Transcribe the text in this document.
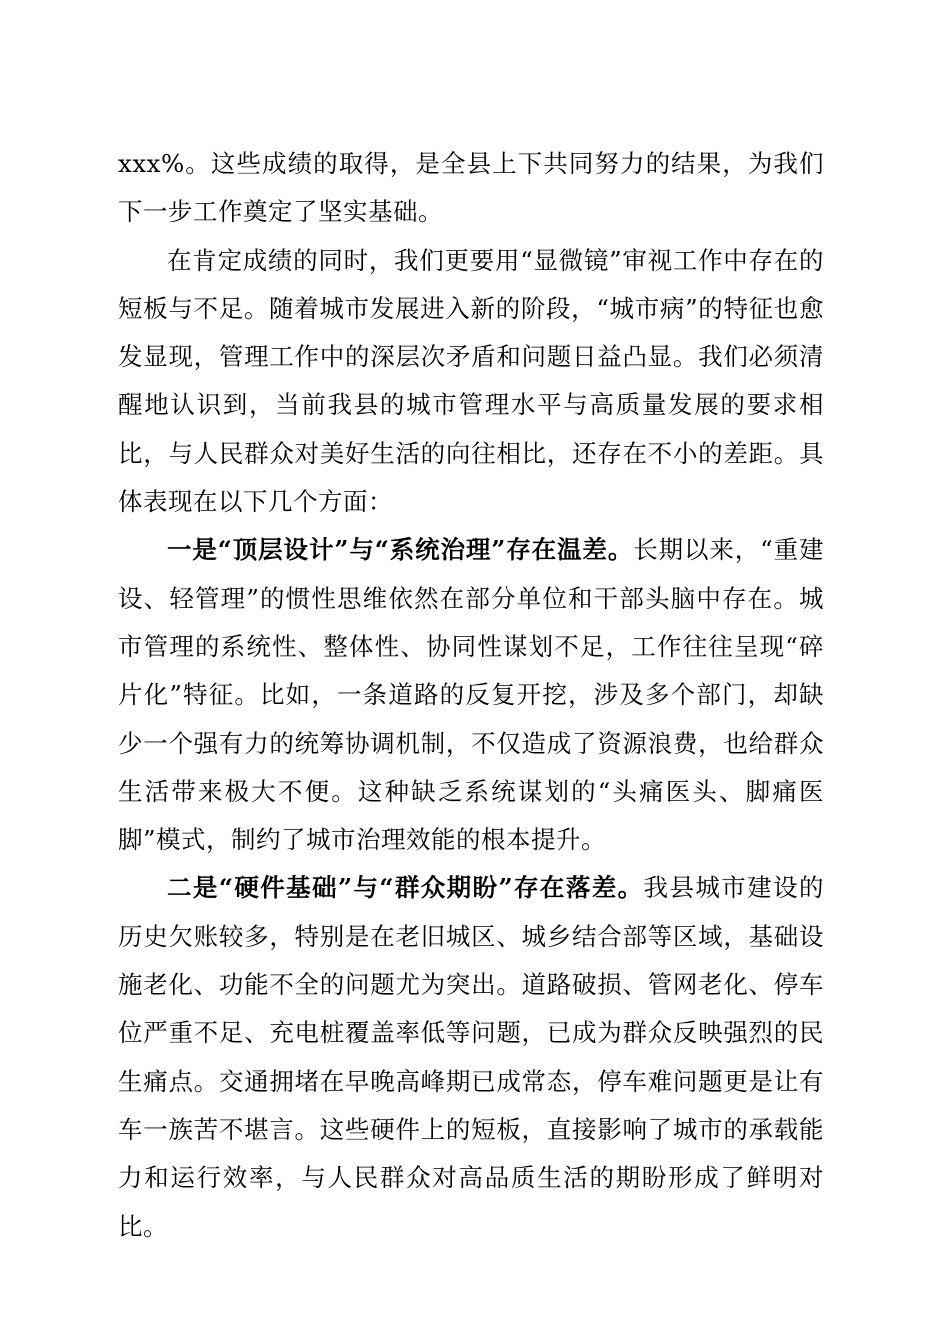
xxx%。这些成绩的取得，是全县上下共同努力的结果，为我们下一步工作奠定了坚实基础。

在肯定成绩的同时，我们更要用“显微镜”审视工作中存在的短板与不足。随着城市发展进入新的阶段，“城市病”的特征也愈发显现，管理工作中的深层次矛盾和问题日益凸显。我们必须清醒地认识到，当前我县的城市管理水平与高质量发展的要求相比，与人民群众对美好生活的向往相比，还存在不小的差距。具体表现在以下几个方面：

一是“顶层设计”与“系统治理”存在温差。长期以来，“重建设、轻管理”的惯性思维依然在部分单位和干部头脑中存在。城市管理的系统性、整体性、协同性谋划不足，工作往往呈现“碎片化”特征。比如，一条道路的反复开挖，涉及多个部门，却缺少一个强有力的统筹协调机制，不仅造成了资源浪费，也给群众生活带来极大不便。这种缺乏系统谋划的“头痛医头、脚痛医脚”模式，制约了城市治理效能的根本提升。

二是“硬件基础”与“群众期盼”存在落差。我县城市建设的历史欠账较多，特别是在老旧城区、城乡结合部等区域，基础设施老化、功能不全的问题尤为突出。道路破损、管网老化、停车位严重不足、充电桩覆盖率低等问题，已成为群众反映强烈的民生痛点。交通拥堵在早晚高峰期已成常态，停车难问题更是让有车一族苦不堪言。这些硬件上的短板，直接影响了城市的承载能力和运行效率，与人民群众对高品质生活的期盼形成了鲜明对比。
